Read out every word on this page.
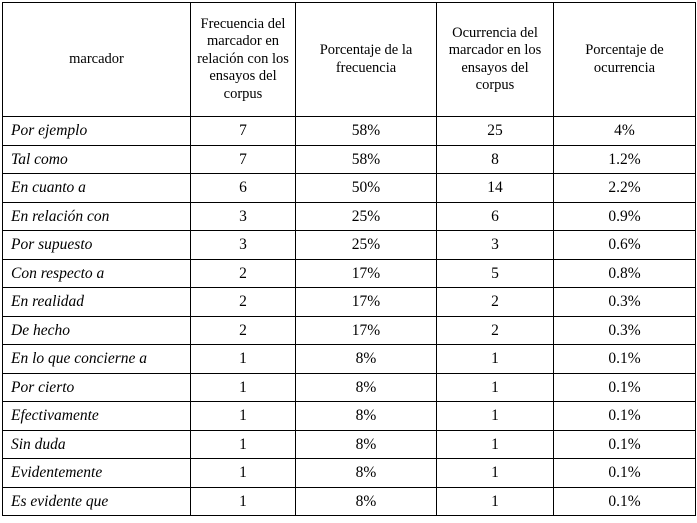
marcador	Frecuencia del marcador en relación con los ensayos del corpus	Porcentaje de la frecuencia	Ocurrencia del marcador en los ensayos del corpus	Porcentaje de ocurrencia
Por ejemplo	7	58%	25	4%
Tal como	7	58%	8	1.2%
En cuanto a	6	50%	14	2.2%
En relación con	3	25%	6	0.9%
Por supuesto	3	25%	3	0.6%
Con respecto a	2	17%	5	0.8%
En realidad	2	17%	2	0.3%
De hecho	2	17%	2	0.3%
En lo que concierne a	1	8%	1	0.1%
Por cierto	1	8%	1	0.1%
Efectivamente	1	8%	1	0.1%
Sin duda	1	8%	1	0.1%
Evidentemente	1	8%	1	0.1%
Es evidente que	1	8%	1	0.1%
